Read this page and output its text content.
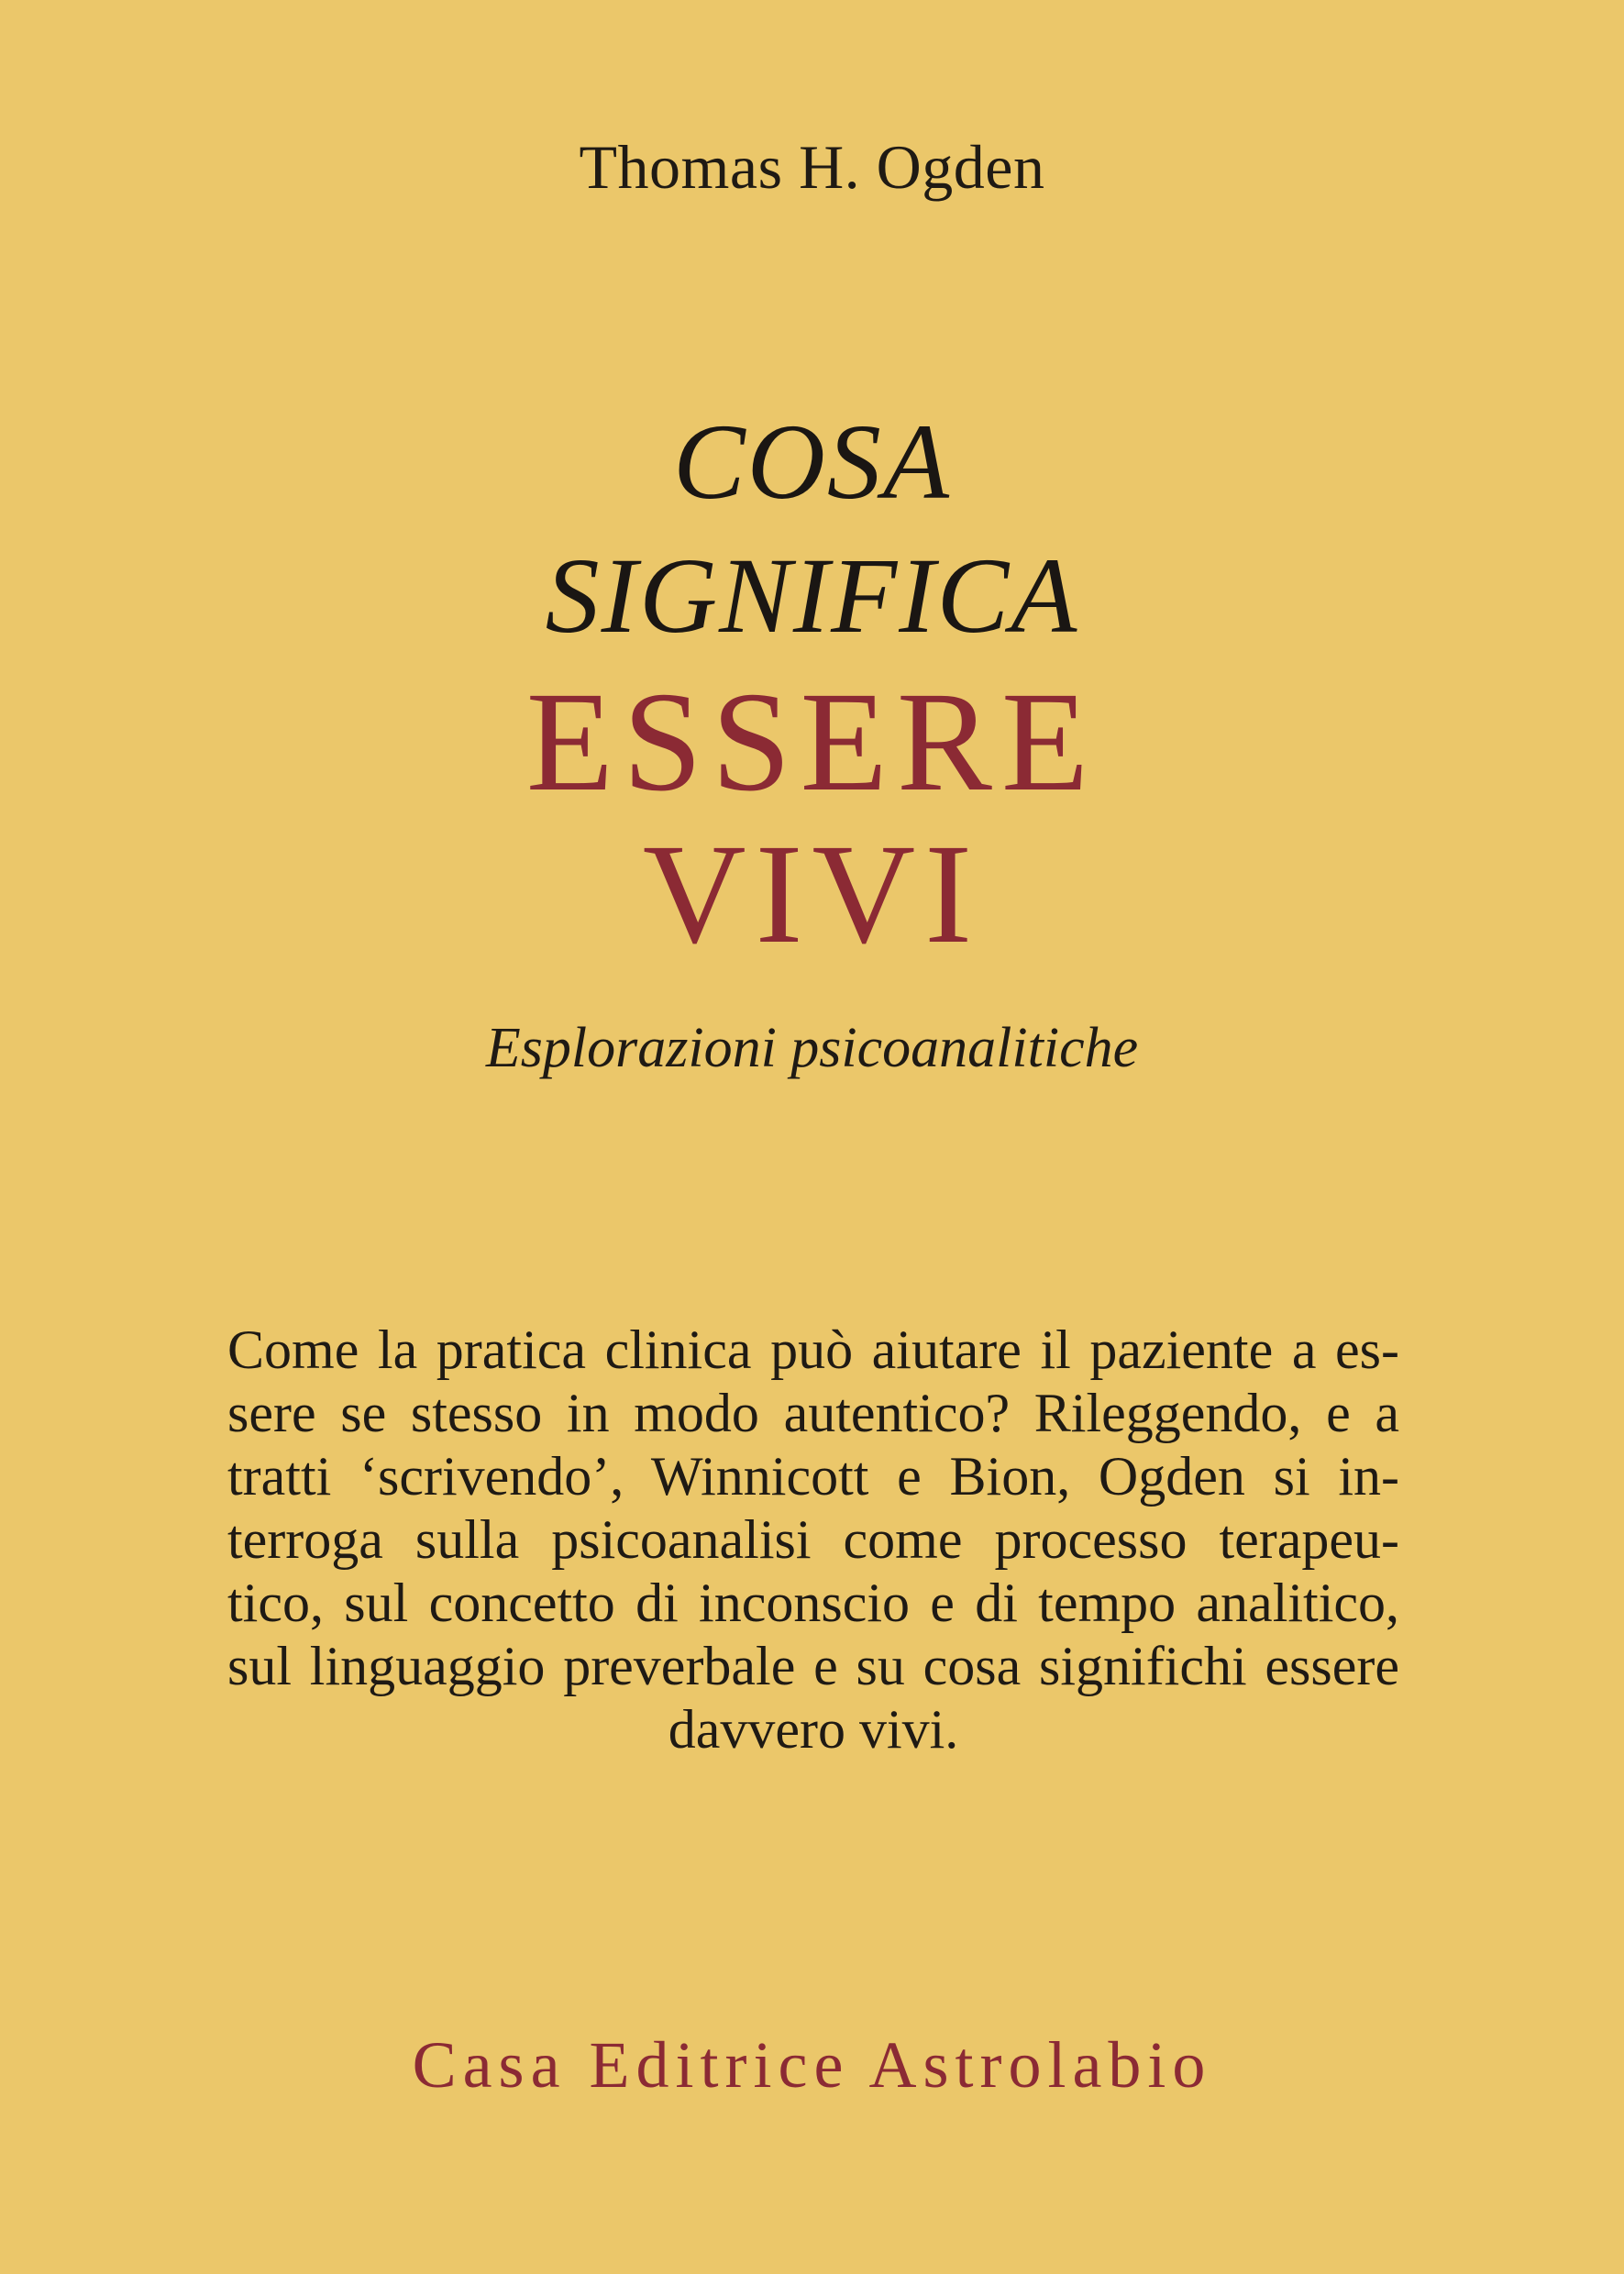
Thomas H. Ogden
COSA
SIGNIFICA
ESSERE
VIVI
Esplorazioni psicoanalitiche
Come la pratica clinica può aiutare il paziente a es-
sere se stesso in modo autentico? Rileggendo, e a
tratti ‘scrivendo’, Winnicott e Bion, Ogden si in-
terroga sulla psicoanalisi come processo terapeu-
tico, sul concetto di inconscio e di tempo analitico,
sul linguaggio preverbale e su cosa significhi essere
davvero vivi.
Casa Editrice Astrolabio
